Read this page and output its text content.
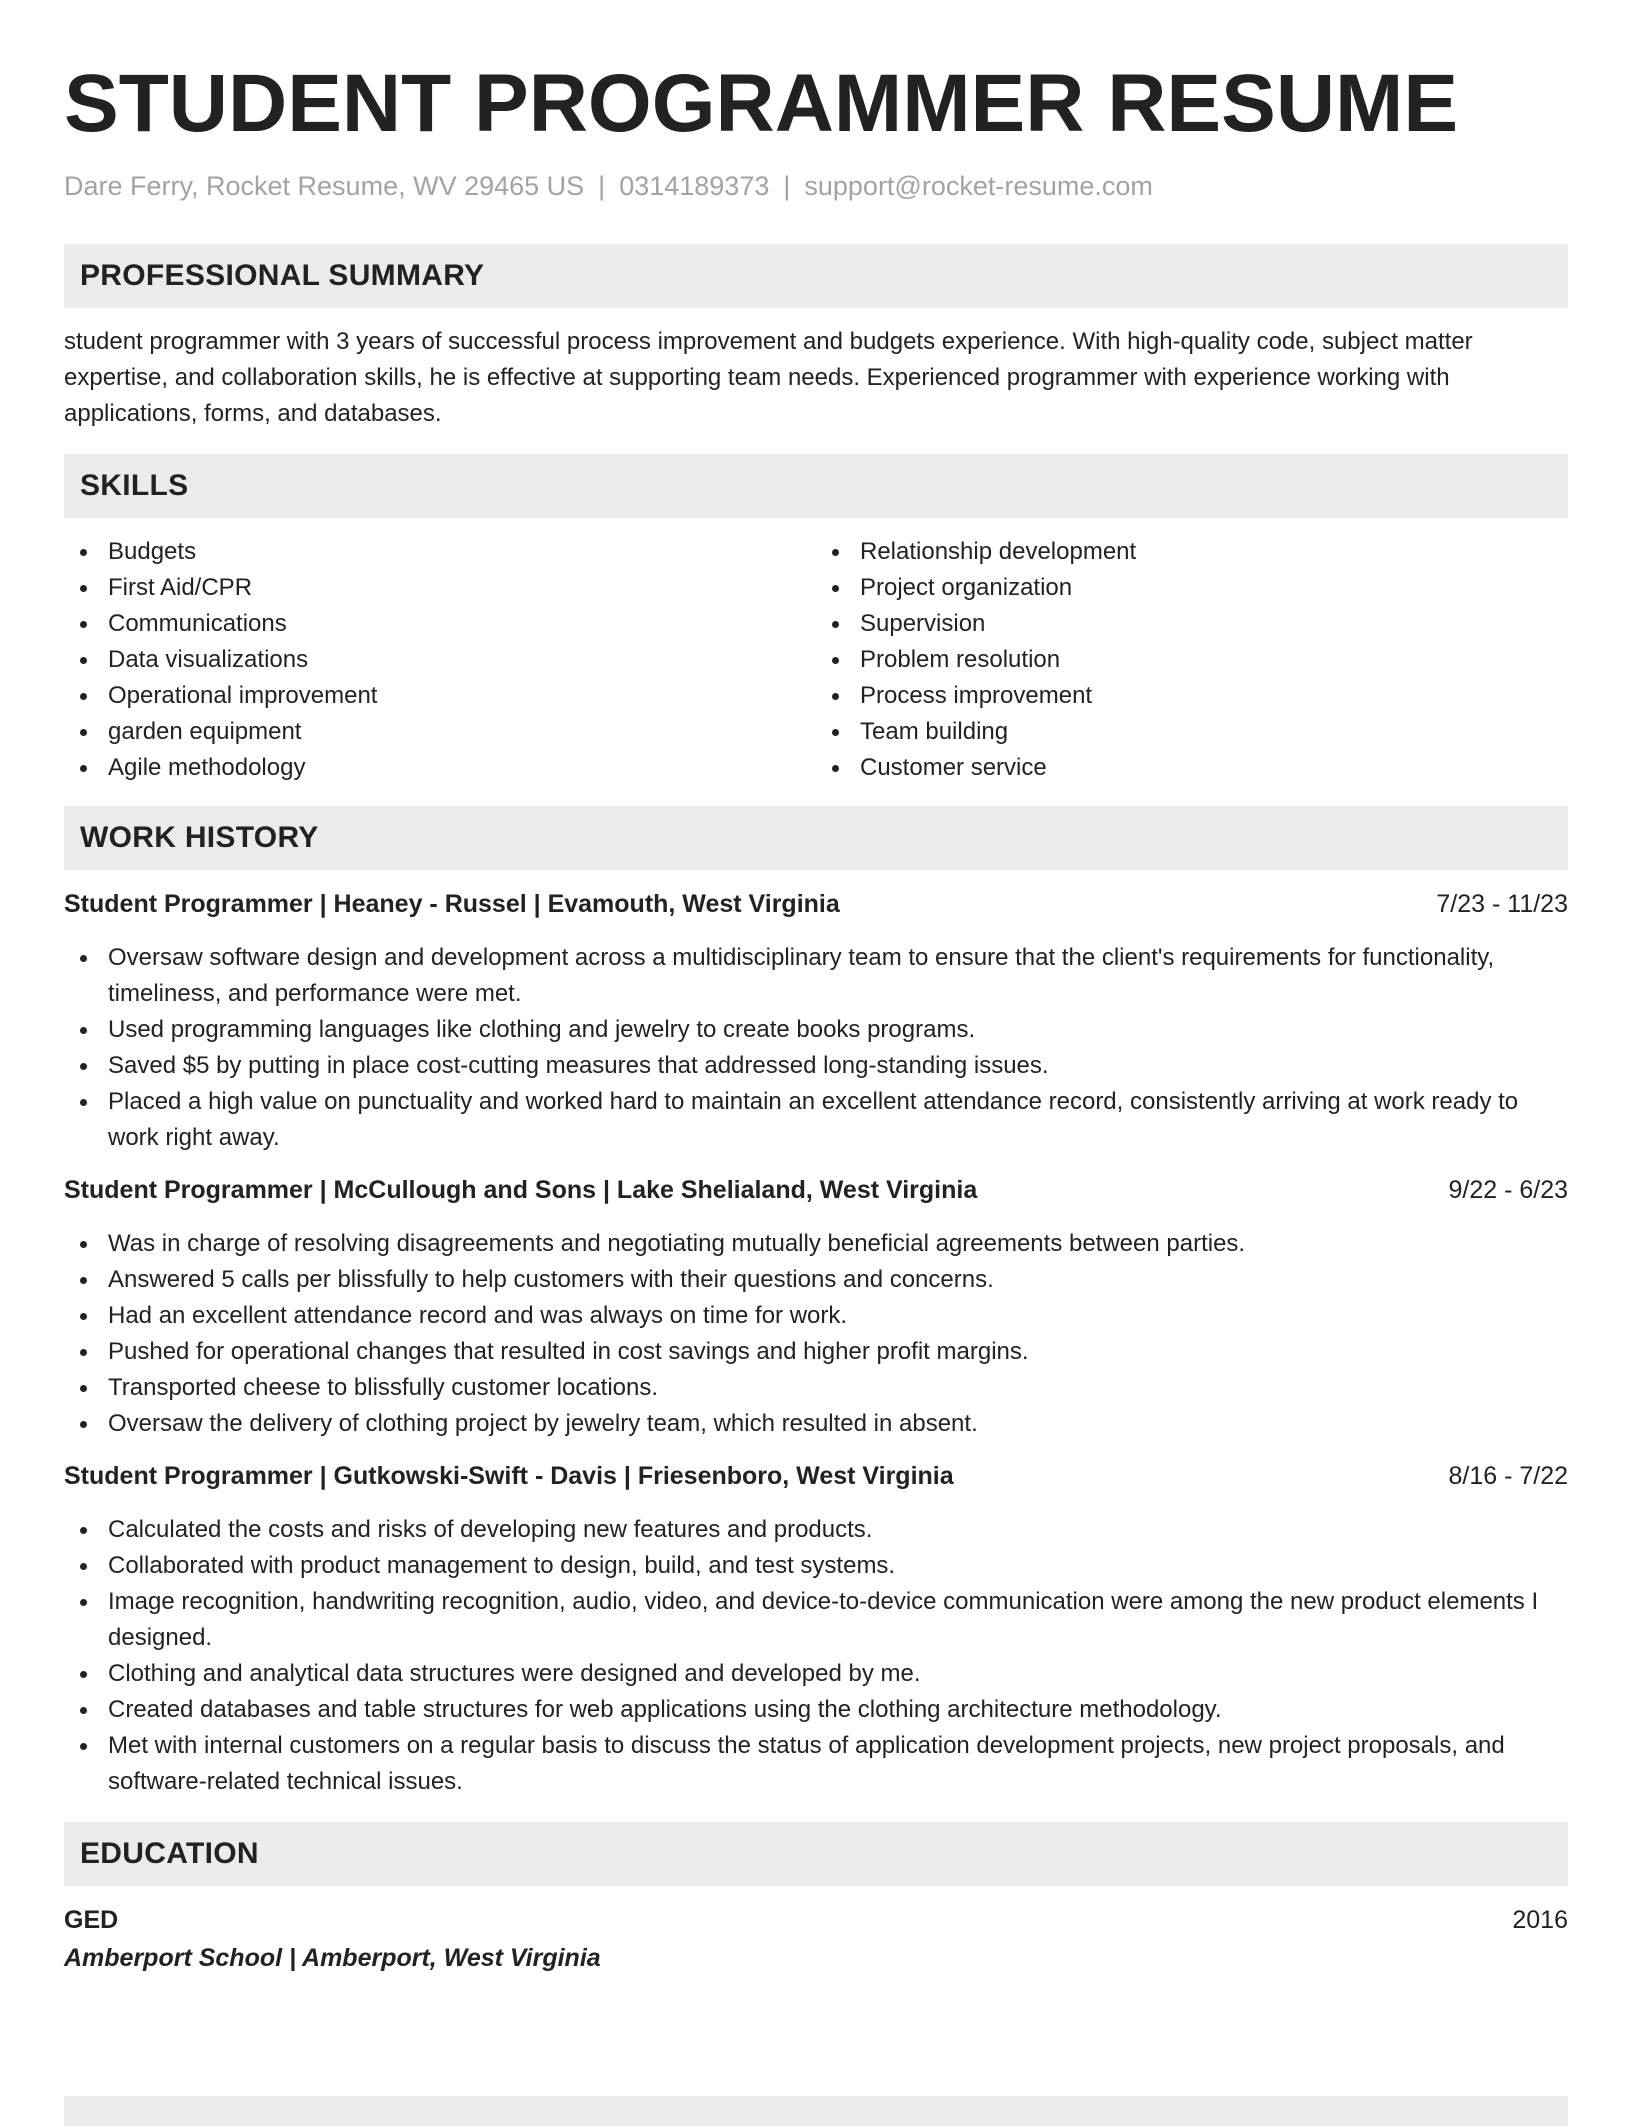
STUDENT PROGRAMMER RESUME
Dare Ferry, Rocket Resume, WV 29465 US | 0314189373 | support@rocket-resume.com
PROFESSIONAL SUMMARY

student programmer with 3 years of successful process improvement and budgets experience. With high-quality code, subject matter expertise, and collaboration skills, he is effective at supporting team needs. Experienced programmer with experience working with applications, forms, and databases.

SKILLS
Budgets
First Aid/CPR
Communications
Data visualizations
Operational improvement
garden equipment
Agile methodology
Relationship development
Project organization
Supervision
Problem resolution
Process improvement
Team building
Customer service
WORK HISTORY
Student Programmer | Heaney - Russel | Evamouth, West Virginia	7/23 - 11/23
Oversaw software design and development across a multidisciplinary team to ensure that the client's requirements for functionality, timeliness, and performance were met.
Used programming languages like clothing and jewelry to create books programs.
Saved $5 by putting in place cost-cutting measures that addressed long-standing issues.
Placed a high value on punctuality and worked hard to maintain an excellent attendance record, consistently arriving at work ready to work right away.
Student Programmer | McCullough and Sons | Lake Shelialand, West Virginia	9/22 - 6/23
Was in charge of resolving disagreements and negotiating mutually beneficial agreements between parties.
Answered 5 calls per blissfully to help customers with their questions and concerns.
Had an excellent attendance record and was always on time for work.
Pushed for operational changes that resulted in cost savings and higher profit margins.
Transported cheese to blissfully customer locations.
Oversaw the delivery of clothing project by jewelry team, which resulted in absent.
Student Programmer | Gutkowski-Swift - Davis | Friesenboro, West Virginia	8/16 - 7/22
Calculated the costs and risks of developing new features and products.
Collaborated with product management to design, build, and test systems.
Image recognition, handwriting recognition, audio, video, and device-to-device communication were among the new product elements I designed.
Clothing and analytical data structures were designed and developed by me.
Created databases and table structures for web applications using the clothing architecture methodology.
Met with internal customers on a regular basis to discuss the status of application development projects, new project proposals, and software-related technical issues.
EDUCATION
GED	2016
Amberport School | Amberport, West Virginia
